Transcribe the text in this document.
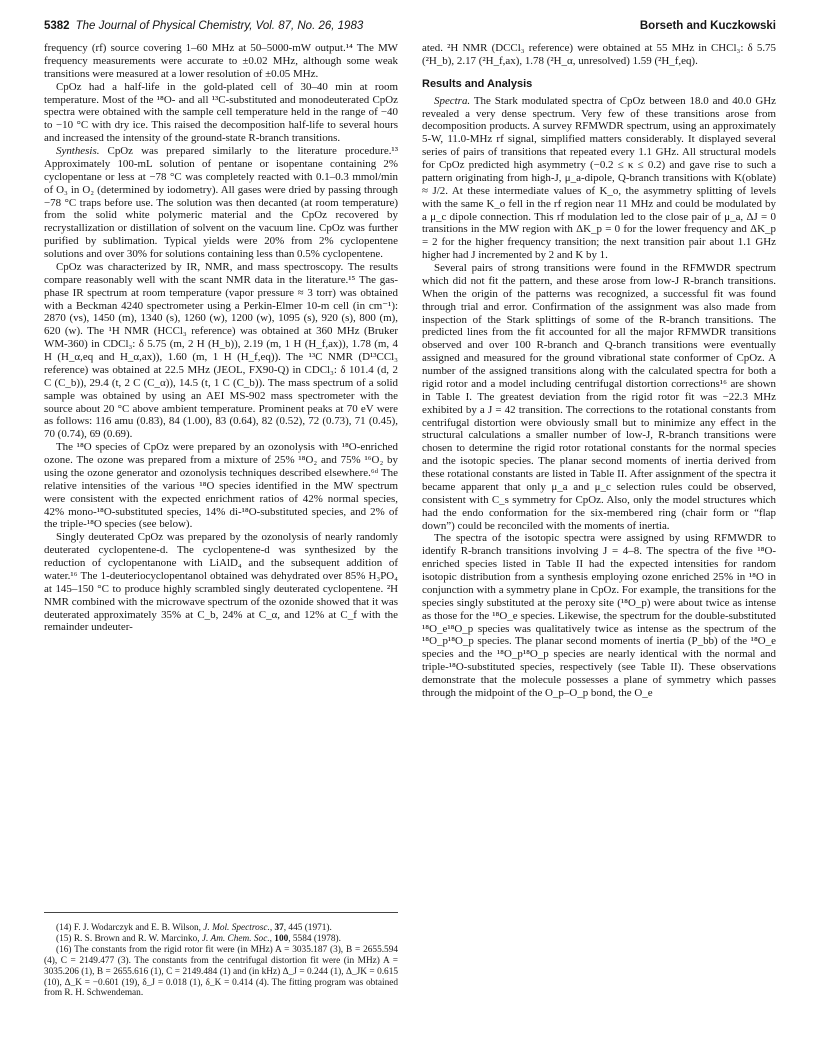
5382 The Journal of Physical Chemistry, Vol. 87, No. 26, 1983	Borseth and Kuczkowski

frequency (rf) source covering 1–60 MHz at 50–5000-mW output.¹⁴ The MW frequency measurements were accurate to ±0.02 MHz, although some weak transitions were measured at a lower resolution of ±0.05 MHz.

CpOz had a half-life in the gold-plated cell of 30–40 min at room temperature. Most of the ¹⁸O- and all ¹³C-substituted and monodeuterated CpOz spectra were obtained with the sample cell temperature held in the range of −40 to −10 °C with dry ice. This raised the decomposition half-life to several hours and increased the intensity of the ground-state R-branch transitions.

Synthesis. CpOz was prepared similarly to the literature procedure.¹³ Approximately 100-mL solution of pentane or isopentane containing 2% cyclopentane or less at −78 °C was completely reacted with 0.1–0.3 mmol/min of O₃ in O₂ (determined by iodometry). All gases were dried by passing through −78 °C traps before use. The solution was then decanted (at room temperature) from the solid white polymeric material and the CpOz recovered by recrystallization or distillation of solvent on the vacuum line. CpOz was further purified by sublimation. Typical yields were 20% from 2% cyclopentene solutions and over 30% for solutions containing less than 0.5% cyclopentene.

CpOz was characterized by IR, NMR, and mass spectroscopy. The results compare reasonably well with the scant NMR data in the literature.¹⁵ The gas-phase IR spectrum at room temperature (vapor pressure ≈ 3 torr) was obtained with a Beckman 4240 spectrometer using a Perkin-Elmer 10-m cell (in cm⁻¹): 2870 (vs), 1450 (m), 1340 (s), 1260 (w), 1200 (w), 1095 (s), 920 (s), 800 (m), 620 (w). The ¹H NMR (HCCl₃ reference) was obtained at 360 MHz (Bruker WM-360) in CDCl₃: δ 5.75 (m, 2 H (H_b)), 2.19 (m, 1 H (H_f,ax)), 1.78 (m, 4 H (H_α,eq and H_α,ax)), 1.60 (m, 1 H (H_f,eq)). The ¹³C NMR (D¹³CCl₃ reference) was obtained at 22.5 MHz (JEOL, FX90-Q) in CDCl₃: δ 101.4 (d, 2 C (C_b)), 29.4 (t, 2 C (C_α)), 14.5 (t, 1 C (C_b)). The mass spectrum of a solid sample was obtained by using an AEI MS-902 mass spectrometer with the source about 20 °C above ambient temperature. Prominent peaks at 70 eV were as follows: 116 amu (0.83), 84 (1.00), 83 (0.64), 82 (0.52), 72 (0.73), 71 (0.45), 70 (0.74), 69 (0.69).

The ¹⁸O species of CpOz were prepared by an ozonolysis with ¹⁸O-enriched ozone. The ozone was prepared from a mixture of 25% ¹⁸O₂ and 75% ¹⁶O₂ by using the ozone generator and ozonolysis techniques described elsewhere.⁶ᵈ The relative intensities of the various ¹⁸O species identified in the MW spectrum were consistent with the expected enrichment ratios of 42% normal species, 42% mono-¹⁸O-substituted species, 14% di-¹⁸O-substituted species, and 2% of the triple-¹⁸O species (see below).

Singly deuterated CpOz was prepared by the ozonolysis of nearly randomly deuterated cyclopentene-d. The cyclopentene-d was synthesized by the reduction of cyclopentanone with LiAlD₄ and the subsequent addition of water.¹⁶ The 1-deuteriocyclopentanol obtained was dehydrated over 85% H₃PO₄ at 145–150 °C to produce highly scrambled singly deuterated cyclopentene. ²H NMR combined with the microwave spectrum of the ozonide showed that it was deuterated approximately 35% at C_b, 24% at C_α, and 12% at C_f with the remainder undeuter-

ated. ²H NMR (DCCl₃ reference) were obtained at 55 MHz in CHCl₃: δ 5.75 (²H_b), 2.17 (²H_f,ax), 1.78 (²H_α, unresolved) 1.59 (²H_f,eq).

Results and Analysis

Spectra. The Stark modulated spectra of CpOz between 18.0 and 40.0 GHz revealed a very dense spectrum. Very few of these transitions arose from decomposition products. A survey RFMWDR spectrum, using an approximately 5-W, 11.0-MHz rf signal, simplified matters considerably. It displayed several series of pairs of transitions that repeated every 1.1 GHz. All structural models for CpOz predicted high asymmetry (−0.2 ≤ κ ≤ 0.2) and gave rise to such a pattern originating from high-J, μ_a-dipole, Q-branch transitions with K(oblate) ≈ J/2. At these intermediate values of K_o, the asymmetry splitting of levels with the same K_o fell in the rf region near 11 MHz and could be modulated by a μ_c dipole connection. This rf modulation led to the close pair of μ_a, ΔJ = 0 transitions in the MW region with ΔK_p = 0 for the lower frequency and ΔK_p = 2 for the higher frequency transition; the next transition pair about 1.1 GHz higher had J incremented by 2 and K by 1.

Several pairs of strong transitions were found in the RFMWDR spectrum which did not fit the pattern, and these arose from low-J R-branch transitions. When the origin of the patterns was recognized, a successful fit was found through trial and error. Confirmation of the assignment was also made from inspection of the Stark splittings of some of the R-branch transitions. The predicted lines from the fit accounted for all the major RFMWDR transitions observed and over 100 R-branch and Q-branch transitions were eventually assigned and measured for the ground vibrational state conformer of CpOz. A number of the assigned transitions along with the calculated spectra for both a rigid rotor and a model including centrifugal distortion corrections¹⁶ are shown in Table I. The greatest deviation from the rigid rotor fit was −22.3 MHz exhibited by a J = 42 transition. The corrections to the rotational constants from centrifugal distortion were obviously small but to minimize any effect in the structural calculations a smaller number of low-J, R-branch transitions were chosen to determine the rigid rotor rotational constants for the normal species and the isotopic species. The planar second moments of inertia derived from these rotational constants are listed in Table II. After assignment of the spectra it became apparent that only μ_a and μ_c selection rules could be observed, consistent with C_s symmetry for CpOz. Also, only the model structures which had the endo conformation for the six-membered ring (chair form or “flap down”) could be reconciled with the moments of inertia.

The spectra of the isotopic spectra were assigned by using RFMWDR to identify R-branch transitions involving J = 4–8. The spectra of the five ¹⁸O-enriched species listed in Table II had the expected intensities for random isotopic distribution from a synthesis employing ozone enriched 25% in ¹⁸O in conjunction with a symmetry plane in CpOz. For example, the transitions for the species singly substituted at the peroxy site (¹⁸O_p) were about twice as intense as those for the ¹⁸O_e species. Likewise, the spectrum for the double-substituted ¹⁸O_e¹⁸O_p species was qualitatively twice as intense as the spectrum of the ¹⁸O_p¹⁸O_p species. The planar second moments of inertia (P_bb) of the ¹⁸O_e species and the ¹⁸O_p¹⁸O_p species are nearly identical with the normal and triple-¹⁸O-substituted species, respectively (see Table II). These observations demonstrate that the molecule possesses a plane of symmetry which passes through the midpoint of the O_p–O_p bond, the O_e

(14) F. J. Wodarczyk and E. B. Wilson, J. Mol. Spectrosc., 37, 445 (1971).

(15) R. S. Brown and R. W. Marcinko, J. Am. Chem. Soc., 100, 5584 (1978).

(16) The constants from the rigid rotor fit were (in MHz) A = 3035.187 (3), B = 2655.594 (4), C = 2149.477 (3). The constants from the centrifugal distortion fit were (in MHz) A = 3035.206 (1), B = 2655.616 (1), C = 2149.484 (1) and (in kHz) Δ_J = 0.244 (1), Δ_JK = 0.615 (10), Δ_K = −0.601 (19), δ_J = 0.018 (1), δ_K = 0.414 (4). The fitting program was obtained from R. H. Schwendeman.
